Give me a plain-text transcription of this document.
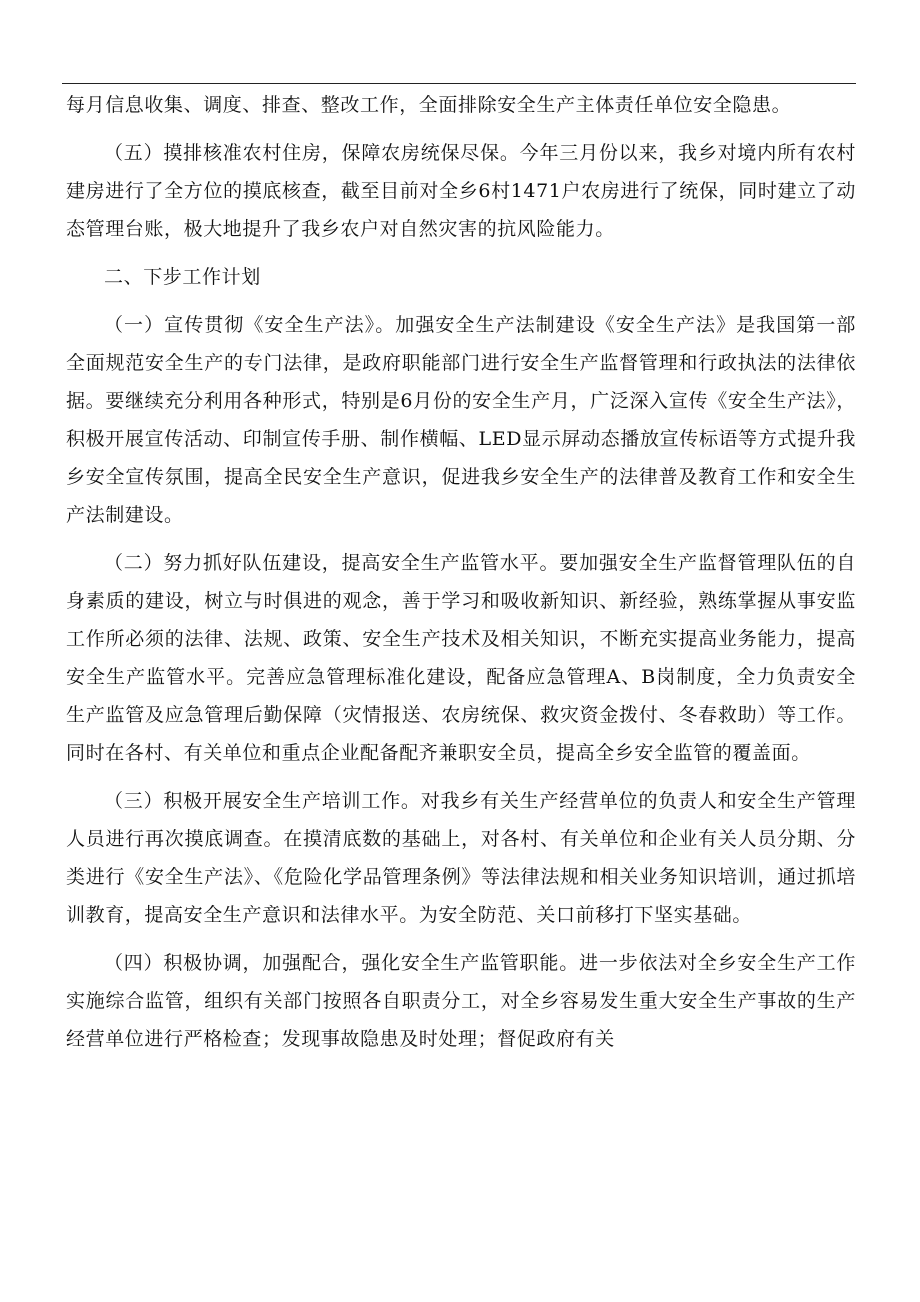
每月信息收集、调度、排查、整改工作，全面排除安全生产主体责任单位安全隐患。

（五）摸排核准农村住房，保障农房统保尽保。今年三月份以来，我乡对境内所有农村建房进行了全方位的摸底核查，截至目前对全乡6村1471户农房进行了统保，同时建立了动态管理台账，极大地提升了我乡农户对自然灾害的抗风险能力。

二、下步工作计划

（一）宣传贯彻《安全生产法》。加强安全生产法制建设《安全生产法》是我国第一部全面规范安全生产的专门法律，是政府职能部门进行安全生产监督管理和行政执法的法律依据。要继续充分利用各种形式，特别是6月份的安全生产月，广泛深入宣传《安全生产法》，积极开展宣传活动、印制宣传手册、制作横幅、LED显示屏动态播放宣传标语等方式提升我乡安全宣传氛围，提高全民安全生产意识，促进我乡安全生产的法律普及教育工作和安全生产法制建设。

（二）努力抓好队伍建设，提高安全生产监管水平。要加强安全生产监督管理队伍的自身素质的建设，树立与时俱进的观念，善于学习和吸收新知识、新经验，熟练掌握从事安监工作所必须的法律、法规、政策、安全生产技术及相关知识，不断充实提高业务能力，提高安全生产监管水平。完善应急管理标准化建设，配备应急管理A、B岗制度，全力负责安全生产监管及应急管理后勤保障（灾情报送、农房统保、救灾资金拨付、冬春救助）等工作。同时在各村、有关单位和重点企业配备配齐兼职安全员，提高全乡安全监管的覆盖面。

（三）积极开展安全生产培训工作。对我乡有关生产经营单位的负责人和安全生产管理人员进行再次摸底调查。在摸清底数的基础上，对各村、有关单位和企业有关人员分期、分类进行《安全生产法》、《危险化学品管理条例》等法律法规和相关业务知识培训，通过抓培训教育，提高安全生产意识和法律水平。为安全防范、关口前移打下坚实基础。

（四）积极协调，加强配合，强化安全生产监管职能。进一步依法对全乡安全生产工作实施综合监管，组织有关部门按照各自职责分工，对全乡容易发生重大安全生产事故的生产经营单位进行严格检查；发现事故隐患及时处理；督促政府有关
